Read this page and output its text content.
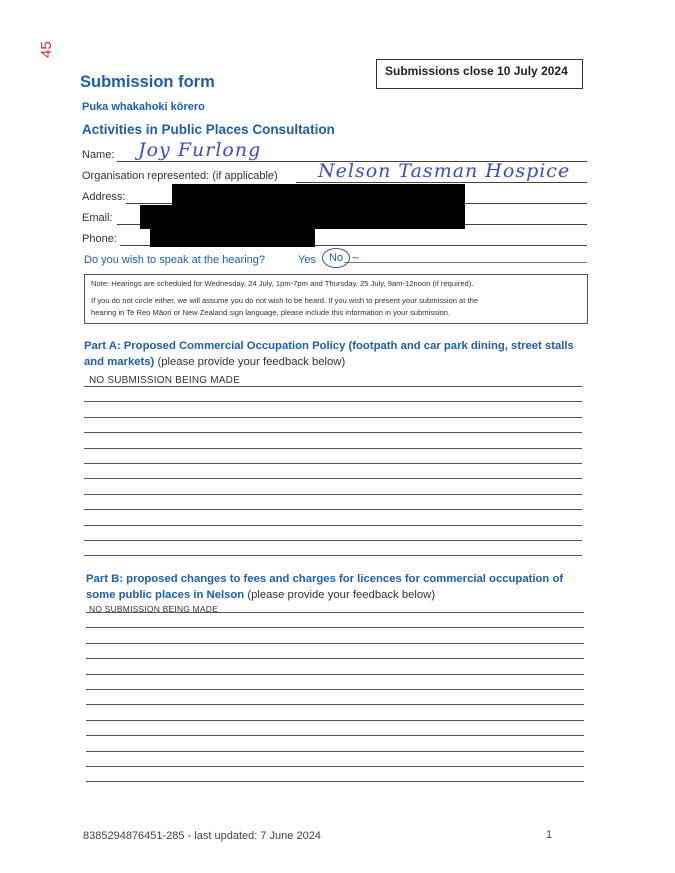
45
Submissions close 10 July 2024
Submission form
Puka whakahoki kōrero
Activities in Public Places Consultation
Name: Joy Furlong
Organisation represented: (if applicable) Nelson Tasman Hospice
Address:
Email:
Phone:
Do you wish to speak at the hearing?	Yes	No ~
Note: Hearings are scheduled for Wednesday, 24 July, 1pm-7pm and Thursday, 25 July, 9am-12noon (if required).
If you do not circle either, we will assume you do not wish to be heard. If you wish to present your submission at the
hearing in Te Reo Māori or New Zealand sign language, please include this information in your submission.
Part A: Proposed Commercial Occupation Policy (footpath and car park dining, street stalls and markets) (please provide your feedback below)
NO SUBMISSION BEING MADE
Part B: proposed changes to fees and charges for licences for commercial occupation of some public places in Nelson (please provide your feedback below)
NO SUBMISSION BEING MADE
8385294876451-285 - last updated: 7 June 2024	1
